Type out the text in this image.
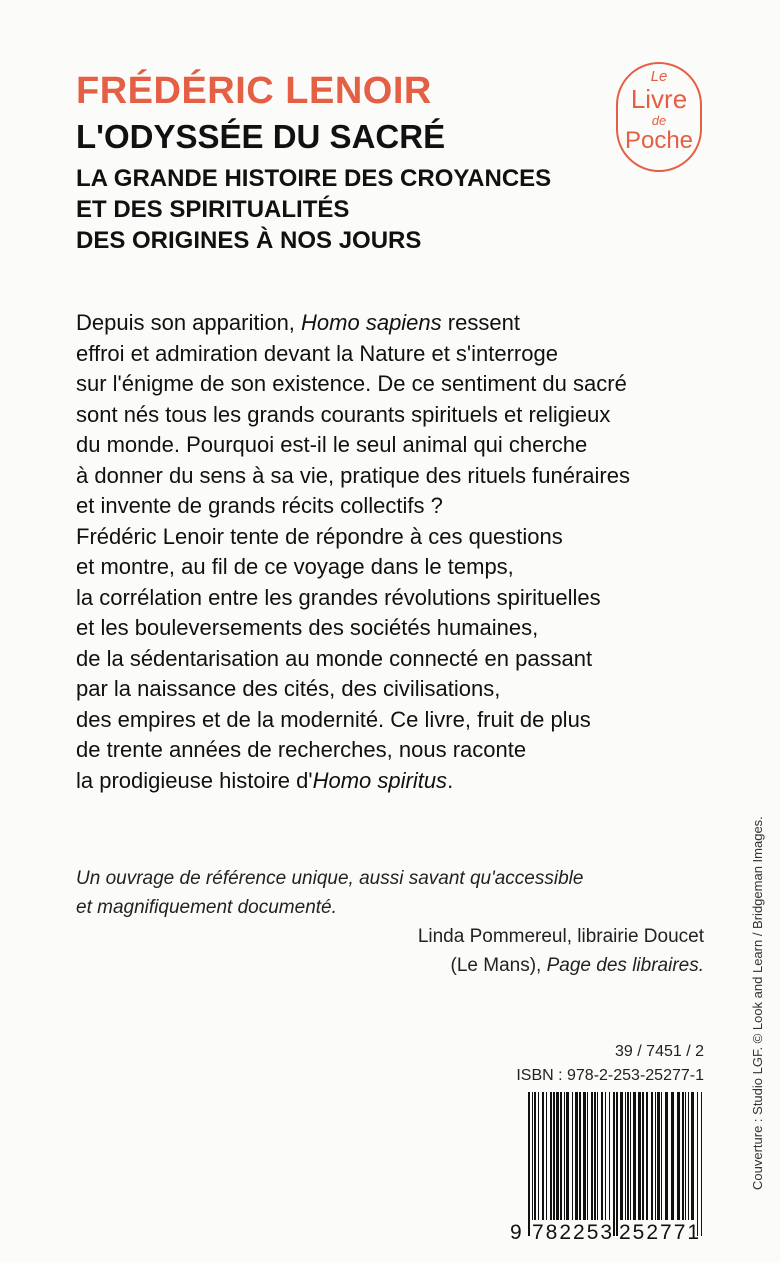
FRÉDÉRIC LENOIR
L'ODYSSÉE DU SACRÉ
LA GRANDE HISTOIRE DES CROYANCES
ET DES SPIRITUALITÉS
DES ORIGINES À NOS JOURS
Le
Livre
de
Poche
Depuis son apparition, Homo sapiens ressent
effroi et admiration devant la Nature et s'interroge
sur l'énigme de son existence. De ce sentiment du sacré
sont nés tous les grands courants spirituels et religieux
du monde. Pourquoi est-il le seul animal qui cherche
à donner du sens à sa vie, pratique des rituels funéraires
et invente de grands récits collectifs ?
Frédéric Lenoir tente de répondre à ces questions
et montre, au fil de ce voyage dans le temps,
la corrélation entre les grandes révolutions spirituelles
et les bouleversements des sociétés humaines,
de la sédentarisation au monde connecté en passant
par la naissance des cités, des civilisations,
des empires et de la modernité. Ce livre, fruit de plus
de trente années de recherches, nous raconte
la prodigieuse histoire d'Homo spiritus.
Un ouvrage de référence unique, aussi savant qu'accessible
et magnifiquement documenté.
Linda Pommereul, librairie Doucet
(Le Mans), Page des libraires.	Couverture : Studio LGF. © Look and Learn / Bridgeman Images.
39 / 7451 / 2
ISBN : 978-2-253-25277-1
9 782253 252771
